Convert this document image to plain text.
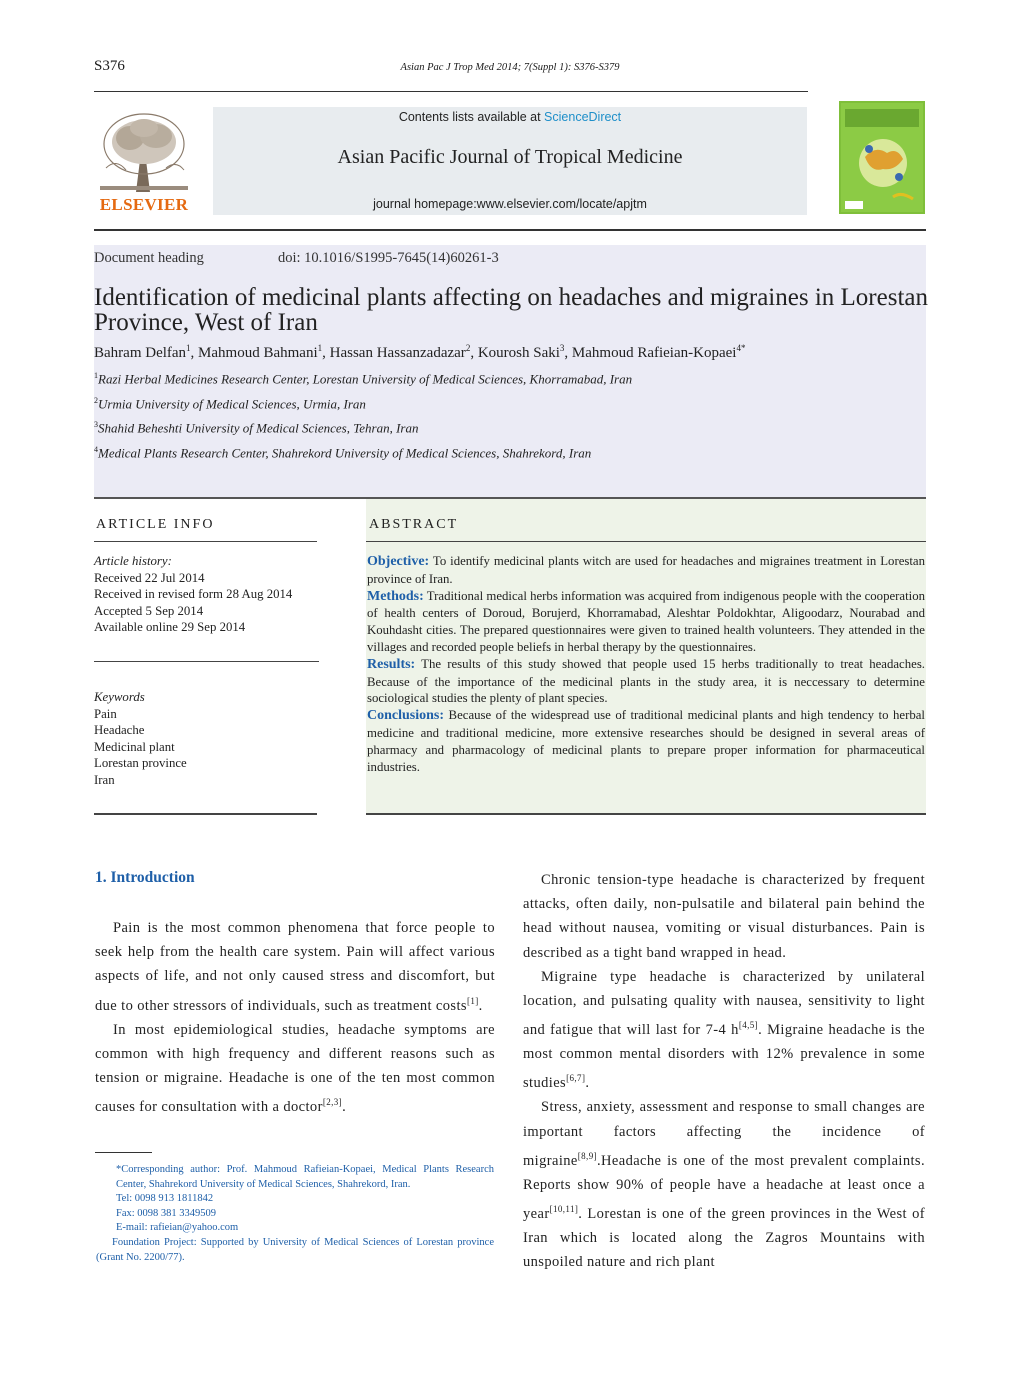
S376	Asian Pac J Trop Med 2014; 7(Suppl 1): S376-S379
ELSEVIER
Contents lists available at ScienceDirect
Asian Pacific Journal of Tropical Medicine
journal homepage:www.elsevier.com/locate/apjtm
Document heading	doi: 10.1016/S1995-7645(14)60261-3
Identification of medicinal plants affecting on headaches and migraines in Lorestan Province, West of Iran
Bahram Delfan$^1$, Mahmoud Bahmani$^1$, Hassan Hassanzadazar$^2$, Kourosh Saki$^3$, Mahmoud Rafieian-Kopaei$^{4*}$
$^1$Razi Herbal Medicines Research Center, Lorestan University of Medical Sciences, Khorramabad, Iran
$^2$Urmia University of Medical Sciences, Urmia, Iran
$^3$Shahid Beheshti University of Medical Sciences, Tehran, Iran
$^4$Medical Plants Research Center, Shahrekord University of Medical Sciences, Shahrekord, Iran
ARTICLE INFO	ABSTRACT
Article history:
Received 22 Jul 2014
Received in revised form 28 Aug 2014
Accepted 5 Sep 2014
Available online 29 Sep 2014
Keywords
Pain
Headache
Medicinal plant
Lorestan province
Iran

Objective: To identify medicinal plants witch are used for headaches and migraines treatment in Lorestan province of Iran.

Methods: Traditional medical herbs information was acquired from indigenous people with the cooperation of health centers of Doroud, Borujerd, Khorramabad, Aleshtar Poldokhtar, Aligoodarz, Nourabad and Kouhdasht cities. The prepared questionnaires were given to trained health volunteers. They attended in the villages and recorded people beliefs in herbal therapy by the questionnaires.

Results: The results of this study showed that people used 15 herbs traditionally to treat headaches. Because of the importance of the medicinal plants in the study area, it is neccessary to determine sociological studies the plenty of plant species.

Conclusions: Because of the widespread use of traditional medicinal plants and high tendency to herbal medicine and traditional medicine, more extensive researches should be designed in several areas of pharmacy and pharmacology of medicinal plants to prepare proper information for pharmaceutical industries.

1. Introduction

Pain is the most common phenomena that force people to seek help from the health care system. Pain will affect various aspects of life, and not only caused stress and discomfort, but due to other stressors of individuals, such as treatment costs[1].

In most epidemiological studies, headache symptoms are common with high frequency and different reasons such as tension or migraine. Headache is one of the ten most common causes for consultation with a doctor[2,3].

*Corresponding author: Prof. Mahmoud Rafieian-Kopaei, Medical Plants Research Center, Shahrekord University of Medical Sciences, Shahrekord, Iran.

Tel: 0098 913 1811842

Fax: 0098 381 3349509

E-mail: rafieian@yahoo.com

Foundation Project: Supported by University of Medical Sciences of Lorestan province (Grant No. 2200/77).

Chronic tension-type headache is characterized by frequent attacks, often daily, non-pulsatile and bilateral pain behind the head without nausea, vomiting or visual disturbances. Pain is described as a tight band wrapped in head.

Migraine type headache is characterized by unilateral location, and pulsating quality with nausea, sensitivity to light and fatigue that will last for 7-4 h[4,5]. Migraine headache is the most common mental disorders with 12% prevalence in some studies[6,7].

Stress, anxiety, assessment and response to small changes are important factors affecting the incidence of migraine[8,9].Headache is one of the most prevalent complaints. Reports show 90% of people have a headache at least once a year[10,11]. Lorestan is one of the green provinces in the West of Iran which is located along the Zagros Mountains with unspoiled nature and rich plant
